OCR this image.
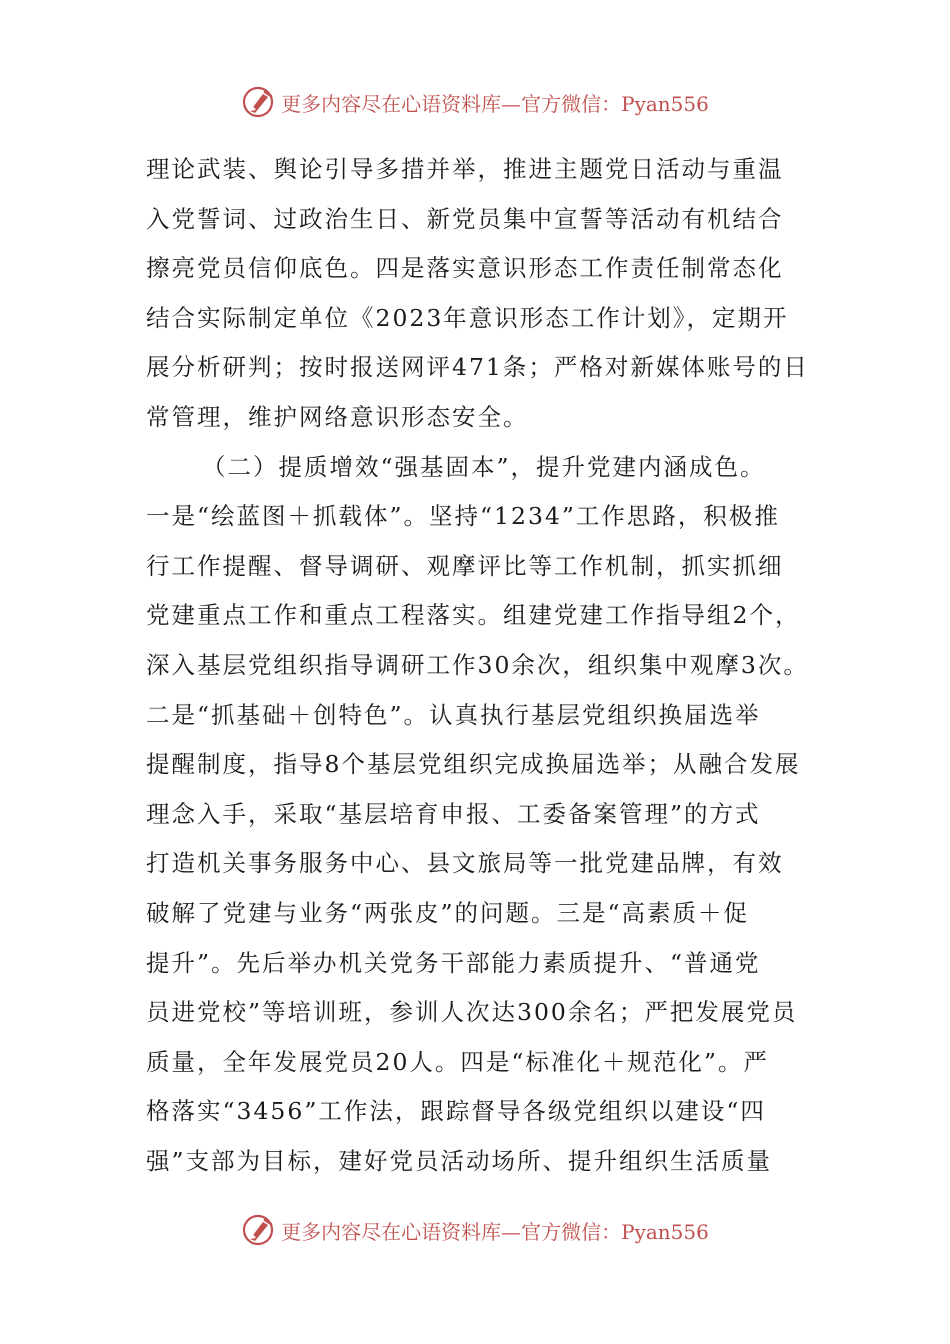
更多内容尽在心语资料库—官方微信：Pyan556
理论武装、舆论引导多措并举，推进主题党日活动与重温
入党誓词、过政治生日、新党员集中宣誓等活动有机结合
擦亮党员信仰底色。四是落实意识形态工作责任制常态化
结合实际制定单位《2023年意识形态工作计划》，定期开
展分析研判；按时报送网评471条；严格对新媒体账号的日
常管理，维护网络意识形态安全。
（二）提质增效“强基固本”，提升党建内涵成色。
一是“绘蓝图＋抓载体”。坚持“1234”工作思路，积极推
行工作提醒、督导调研、观摩评比等工作机制，抓实抓细
党建重点工作和重点工程落实。组建党建工作指导组2个，
深入基层党组织指导调研工作30余次，组织集中观摩3次。
二是“抓基础＋创特色”。认真执行基层党组织换届选举
提醒制度，指导8个基层党组织完成换届选举；从融合发展
理念入手，采取“基层培育申报、工委备案管理”的方式
打造机关事务服务中心、县文旅局等一批党建品牌，有效
破解了党建与业务“两张皮”的问题。三是“高素质＋促
提升”。先后举办机关党务干部能力素质提升、“普通党
员进党校”等培训班，参训人次达300余名；严把发展党员
质量，全年发展党员20人。四是“标准化＋规范化”。严
格落实“3456”工作法，跟踪督导各级党组织以建设“四
强”支部为目标，建好党员活动场所、提升组织生活质量
更多内容尽在心语资料库—官方微信：Pyan556
